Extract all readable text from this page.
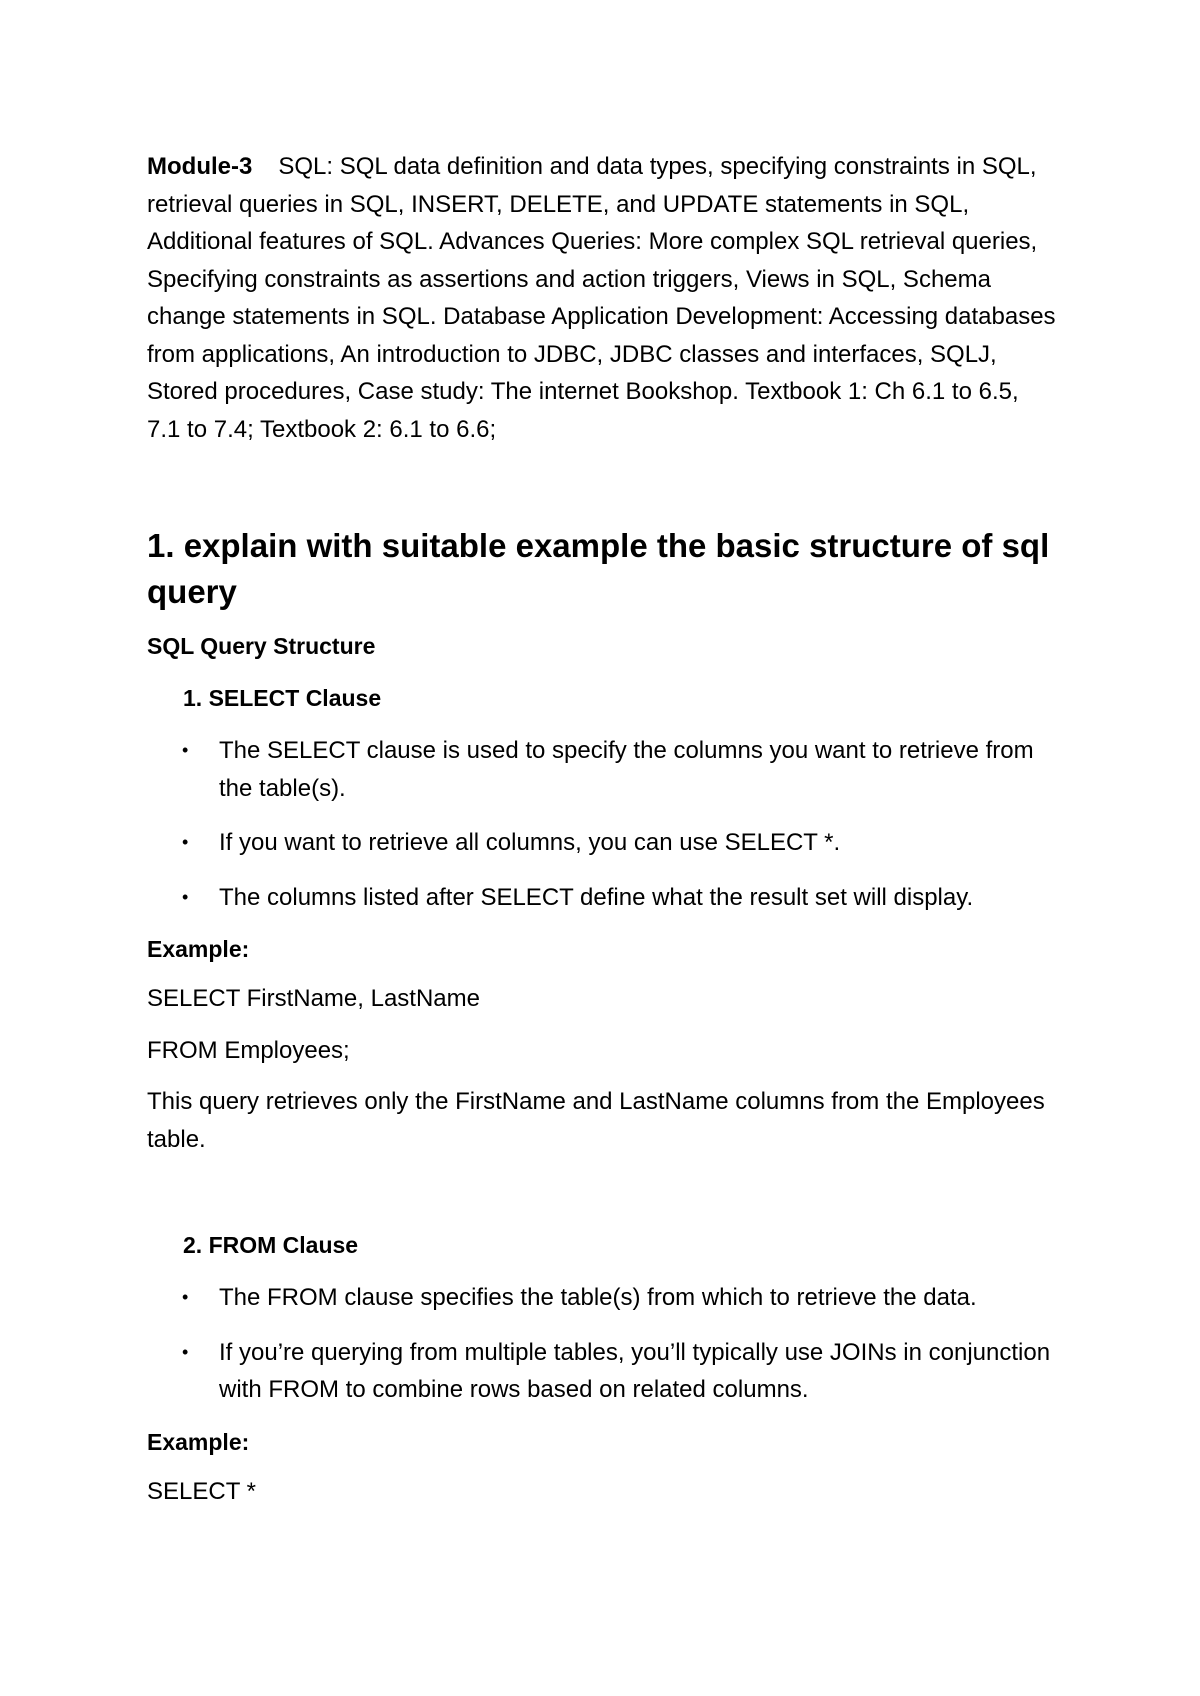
Module-3 SQL: SQL data definition and data types, specifying constraints in SQL, retrieval queries in SQL, INSERT, DELETE, and UPDATE statements in SQL, Additional features of SQL. Advances Queries: More complex SQL retrieval queries, Specifying constraints as assertions and action triggers, Views in SQL, Schema change statements in SQL. Database Application Development: Accessing databases from applications, An introduction to JDBC, JDBC classes and interfaces, SQLJ, Stored procedures, Case study: The internet Bookshop. Textbook 1: Ch 6.1 to 6.5, 7.1 to 7.4; Textbook 2: 6.1 to 6.6;

1. explain with suitable example the basic structure of sql query
SQL Query Structure
1. SELECT Clause
• The SELECT clause is used to specify the columns you want to retrieve from the table(s).
• If you want to retrieve all columns, you can use SELECT *.
• The columns listed after SELECT define what the result set will display.
Example:

SELECT FirstName, LastName

FROM Employees;

This query retrieves only the FirstName and LastName columns from the Employees table.

2. FROM Clause
• The FROM clause specifies the table(s) from which to retrieve the data.
• If you’re querying from multiple tables, you’ll typically use JOINs in conjunction with FROM to combine rows based on related columns.
Example:

SELECT *
